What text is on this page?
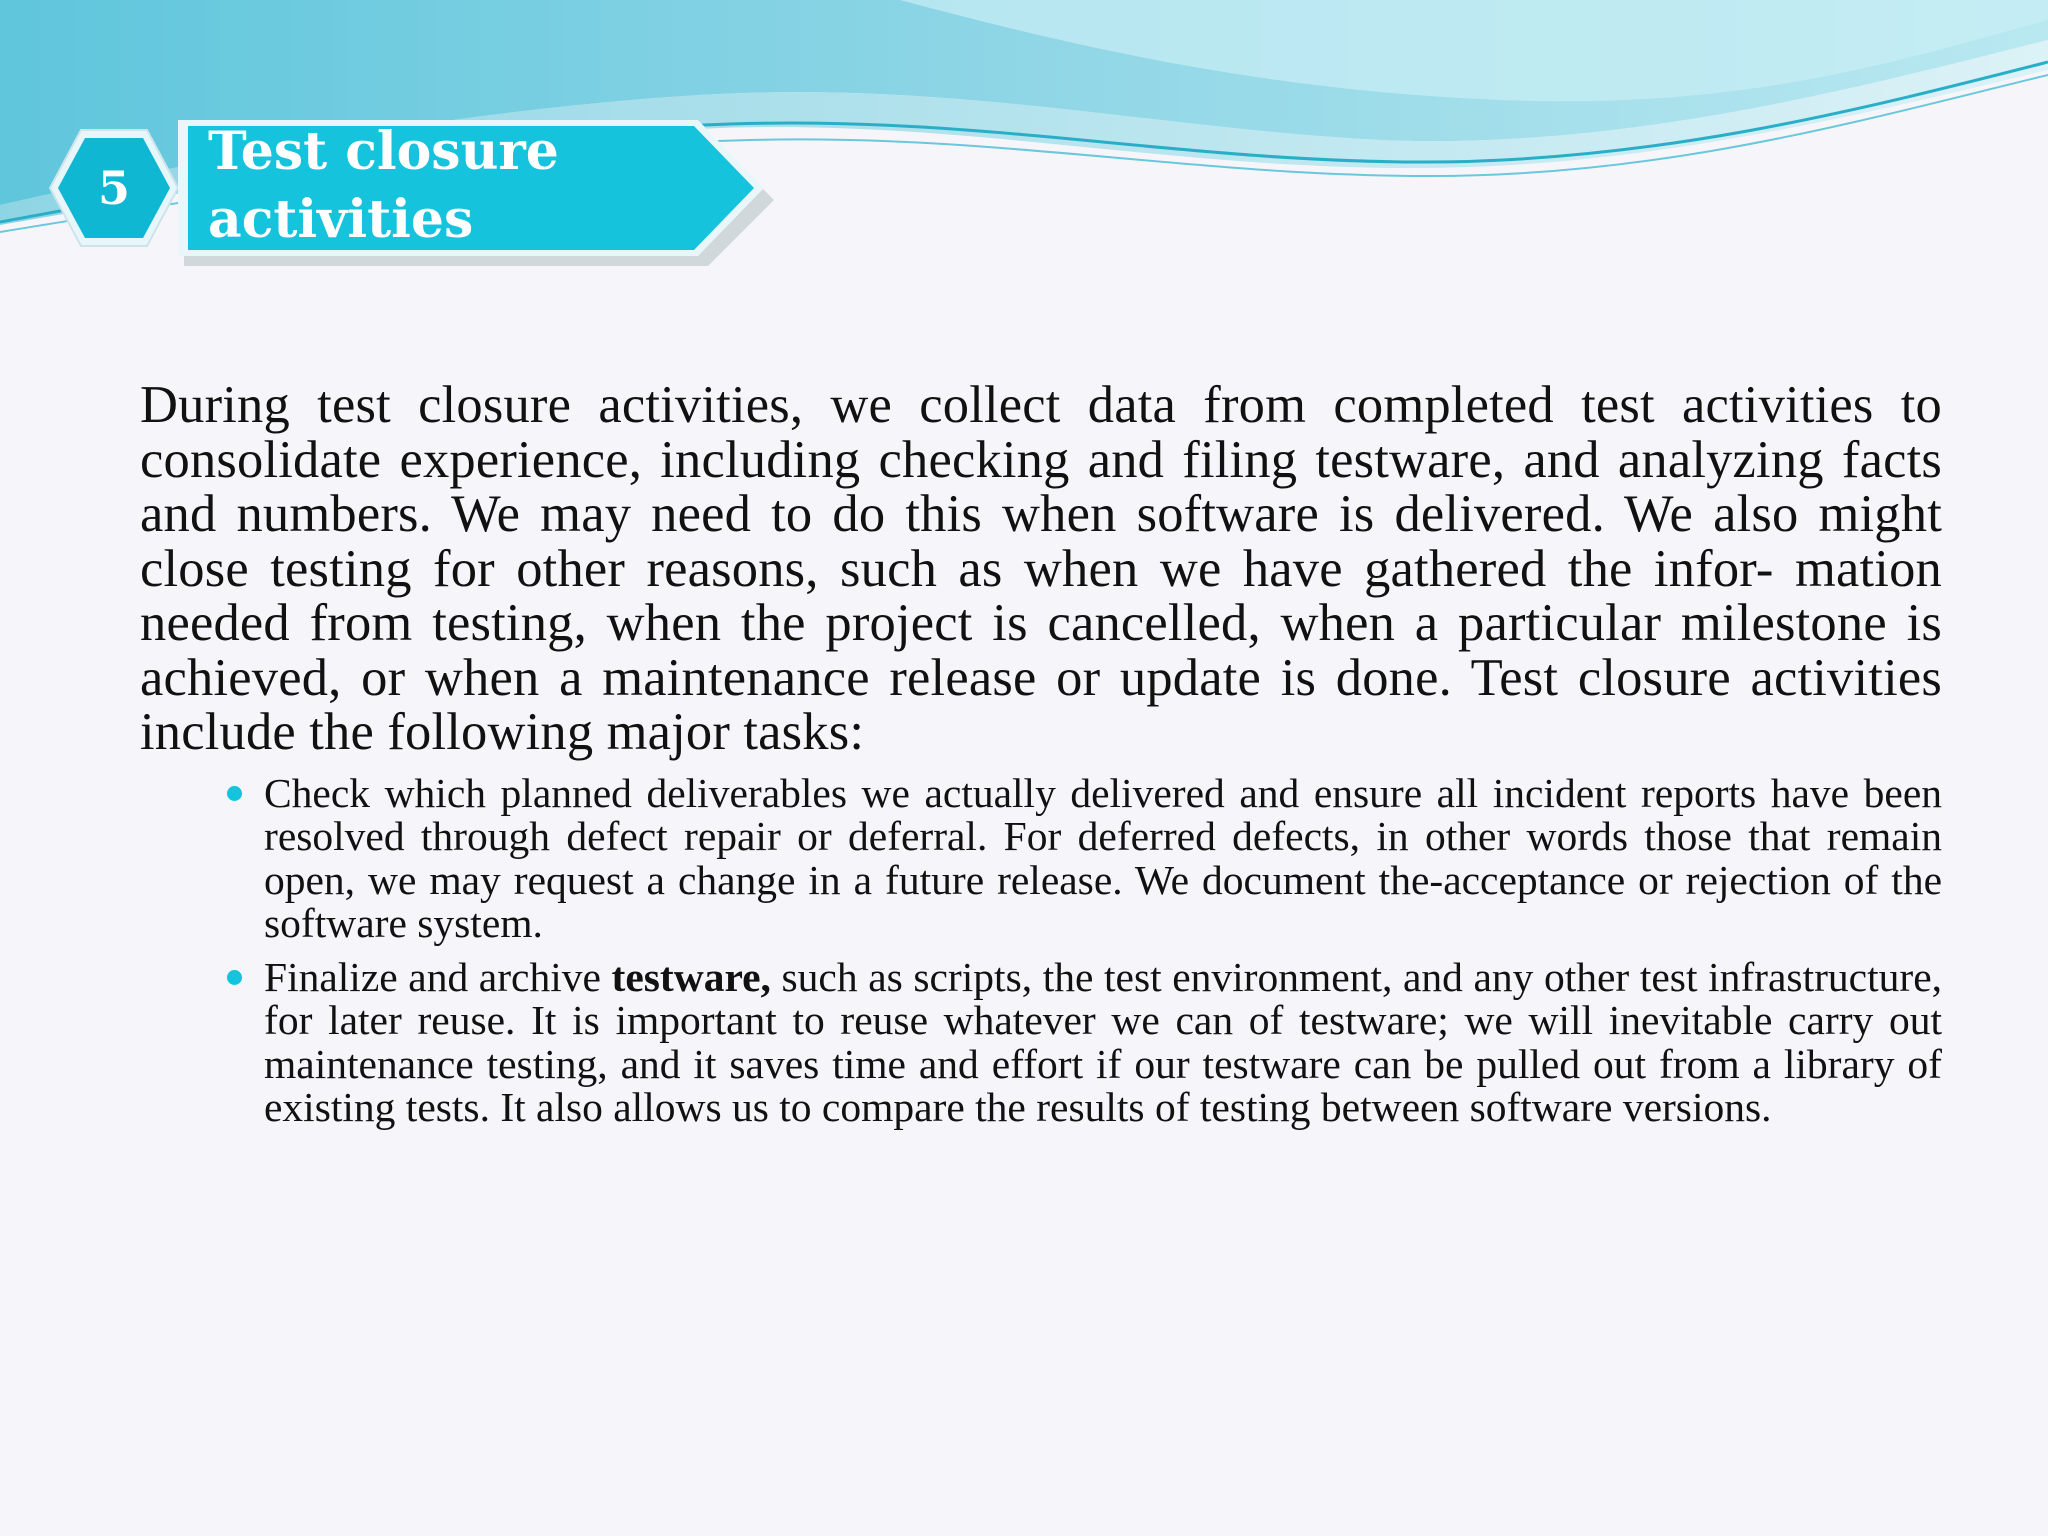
5
Test closure
activities

During test closure activities, we collect data from completed test activities to consolidate experience, including checking and filing testware, and analyzing facts and numbers. We may need to do this when software is delivered. We also might close testing for other reasons, such as when we have gathered the infor- mation needed from testing, when the project is cancelled, when a particular milestone is achieved, or when a maintenance release or update is done. Test closure activities include the following major tasks:

Check which planned deliverables we actually delivered and ensure all incident reports have been resolved through defect repair or deferral. For deferred defects, in other words those that remain open, we may request a change in a future release. We document the-acceptance or rejection of the software system.
Finalize and archive testware, such as scripts, the test environment, and any other test infrastructure, for later reuse. It is important to reuse whatever we can of testware; we will inevitable carry out maintenance testing, and it saves time and effort if our testware can be pulled out from a library of existing tests. It also allows us to compare the results of testing between software versions.
